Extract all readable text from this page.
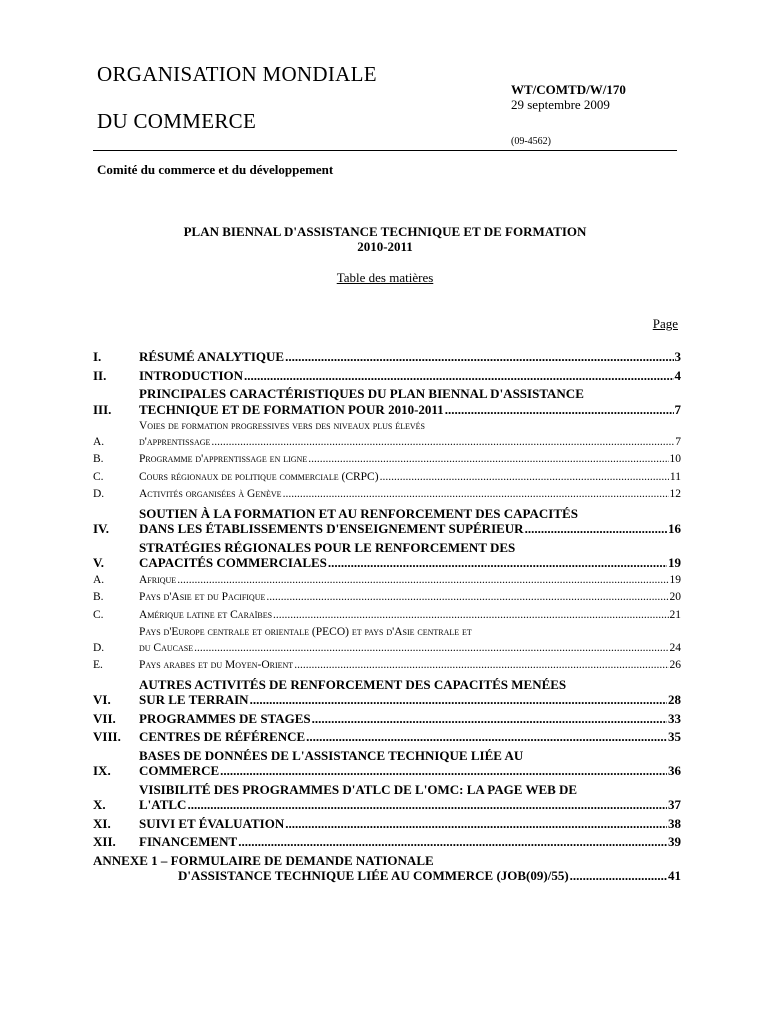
ORGANISATION MONDIALE
DU COMMERCE
WT/COMTD/W/170
29 septembre 2009
(09-4562)
Comité du commerce et du développement
PLAN BIENNAL D'ASSISTANCE TECHNIQUE ET DE FORMATION
2010-2011
Table des matières
Page
I.	RÉSUMÉ ANALYTIQUE .....	3
II.	INTRODUCTION .....	4
III.
PRINCIPALES CARACTÉRISTIQUES DU PLAN BIENNAL D'ASSISTANCE
TECHNIQUE ET DE FORMATION POUR 2010-2011 .....	7
A.
Voies de formation progressives vers des niveaux plus élevés
d'apprentissage .....	7
B.	Programme d'apprentissage en ligne .....	10
C.	Cours régionaux de politique commerciale (CRPC) .....	11
D.	Activités organisées à Genève .....	12
IV.
SOUTIEN À LA FORMATION ET AU RENFORCEMENT DES CAPACITÉS
DANS LES ÉTABLISSEMENTS D'ENSEIGNEMENT SUPÉRIEUR .....	16
V.
STRATÉGIES RÉGIONALES POUR LE RENFORCEMENT DES
CAPACITÉS COMMERCIALES .....	19
A.	Afrique .....	19
B.	Pays d'Asie et du Pacifique .....	20
C.	Amérique latine et Caraïbes .....	21
D.
Pays d'Europe centrale et orientale (PECO) et pays d'Asie centrale et
du Caucase .....	24
E.	Pays arabes et du Moyen-Orient .....	26
VI.
AUTRES ACTIVITÉS DE RENFORCEMENT DES CAPACITÉS MENÉES
SUR LE TERRAIN .....	28
VII.	PROGRAMMES DE STAGES .....	33
VIII.	CENTRES DE RÉFÉRENCE .....	35
IX.
BASES DE DONNÉES DE L'ASSISTANCE TECHNIQUE LIÉE AU
COMMERCE .....	36
X.
VISIBILITÉ DES PROGRAMMES D'ATLC DE L'OMC: LA PAGE WEB DE
L'ATLC .....	37
XI.	SUIVI ET ÉVALUATION .....	38
XII.	FINANCEMENT .....	39
ANNEXE 1 – FORMULAIRE DE DEMANDE NATIONALE
D'ASSISTANCE TECHNIQUE LIÉE AU COMMERCE (JOB(09)/55) .....	41
